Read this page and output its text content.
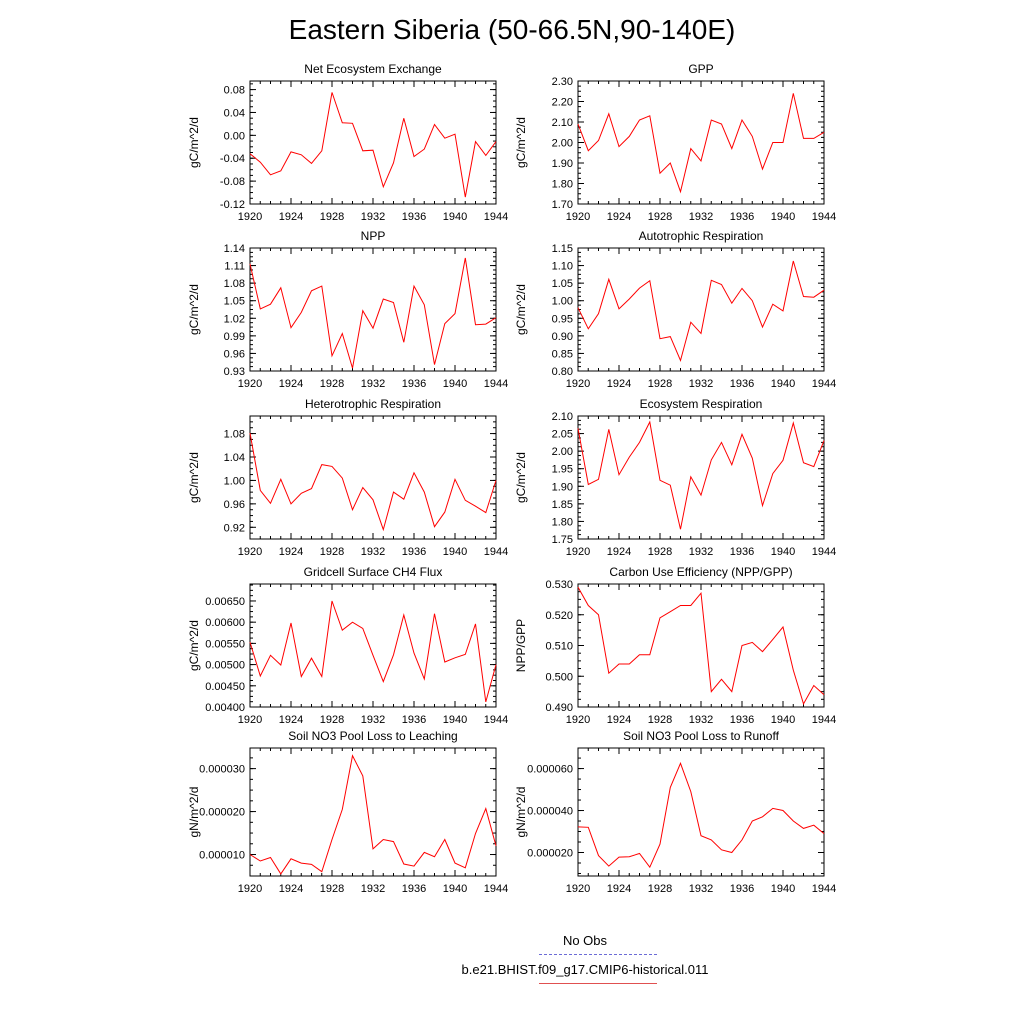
Eastern Siberia (50-66.5N,90-140E)
Net Ecosystem Exchange
gC/m^2/d
1920 1924 1928 1932 1936 1940 1944
-0.12
-0.08
-0.04
0.00
0.04
0.08
GPP
gC/m^2/d
1920 1924 1928 1932 1936 1940 1944
1.70
1.80
1.90
2.00
2.10
2.20
2.30
NPP
gC/m^2/d
1920 1924 1928 1932 1936 1940 1944
0.93
0.96
0.99
1.02
1.05
1.08
1.11
1.14
Autotrophic Respiration
gC/m^2/d
1920 1924 1928 1932 1936 1940 1944
0.80
0.85
0.90
0.95
1.00
1.05
1.10
1.15
Heterotrophic Respiration
gC/m^2/d
1920 1924 1928 1932 1936 1940 1944
0.92
0.96
1.00
1.04
1.08
Ecosystem Respiration
gC/m^2/d
1920 1924 1928 1932 1936 1940 1944
1.75
1.80
1.85
1.90
1.95
2.00
2.05
2.10
Gridcell Surface CH4 Flux
gC/m^2/d
1920 1924 1928 1932 1936 1940 1944
0.00400
0.00450
0.00500
0.00550
0.00600
0.00650
Carbon Use Efficiency (NPP/GPP)
NPP/GPP
1920 1924 1928 1932 1936 1940 1944
0.490
0.500
0.510
0.520
0.530
Soil NO3 Pool Loss to Leaching
gN/m^2/d
1920 1924 1928 1932 1936 1940 1944
0.000010
0.000020
0.000030
Soil NO3 Pool Loss to Runoff
gN/m^2/d
1920 1924 1928 1932 1936 1940 1944
0.000020
0.000040
0.000060
No Obs
b.e21.BHIST.f09_g17.CMIP6-historical.011
